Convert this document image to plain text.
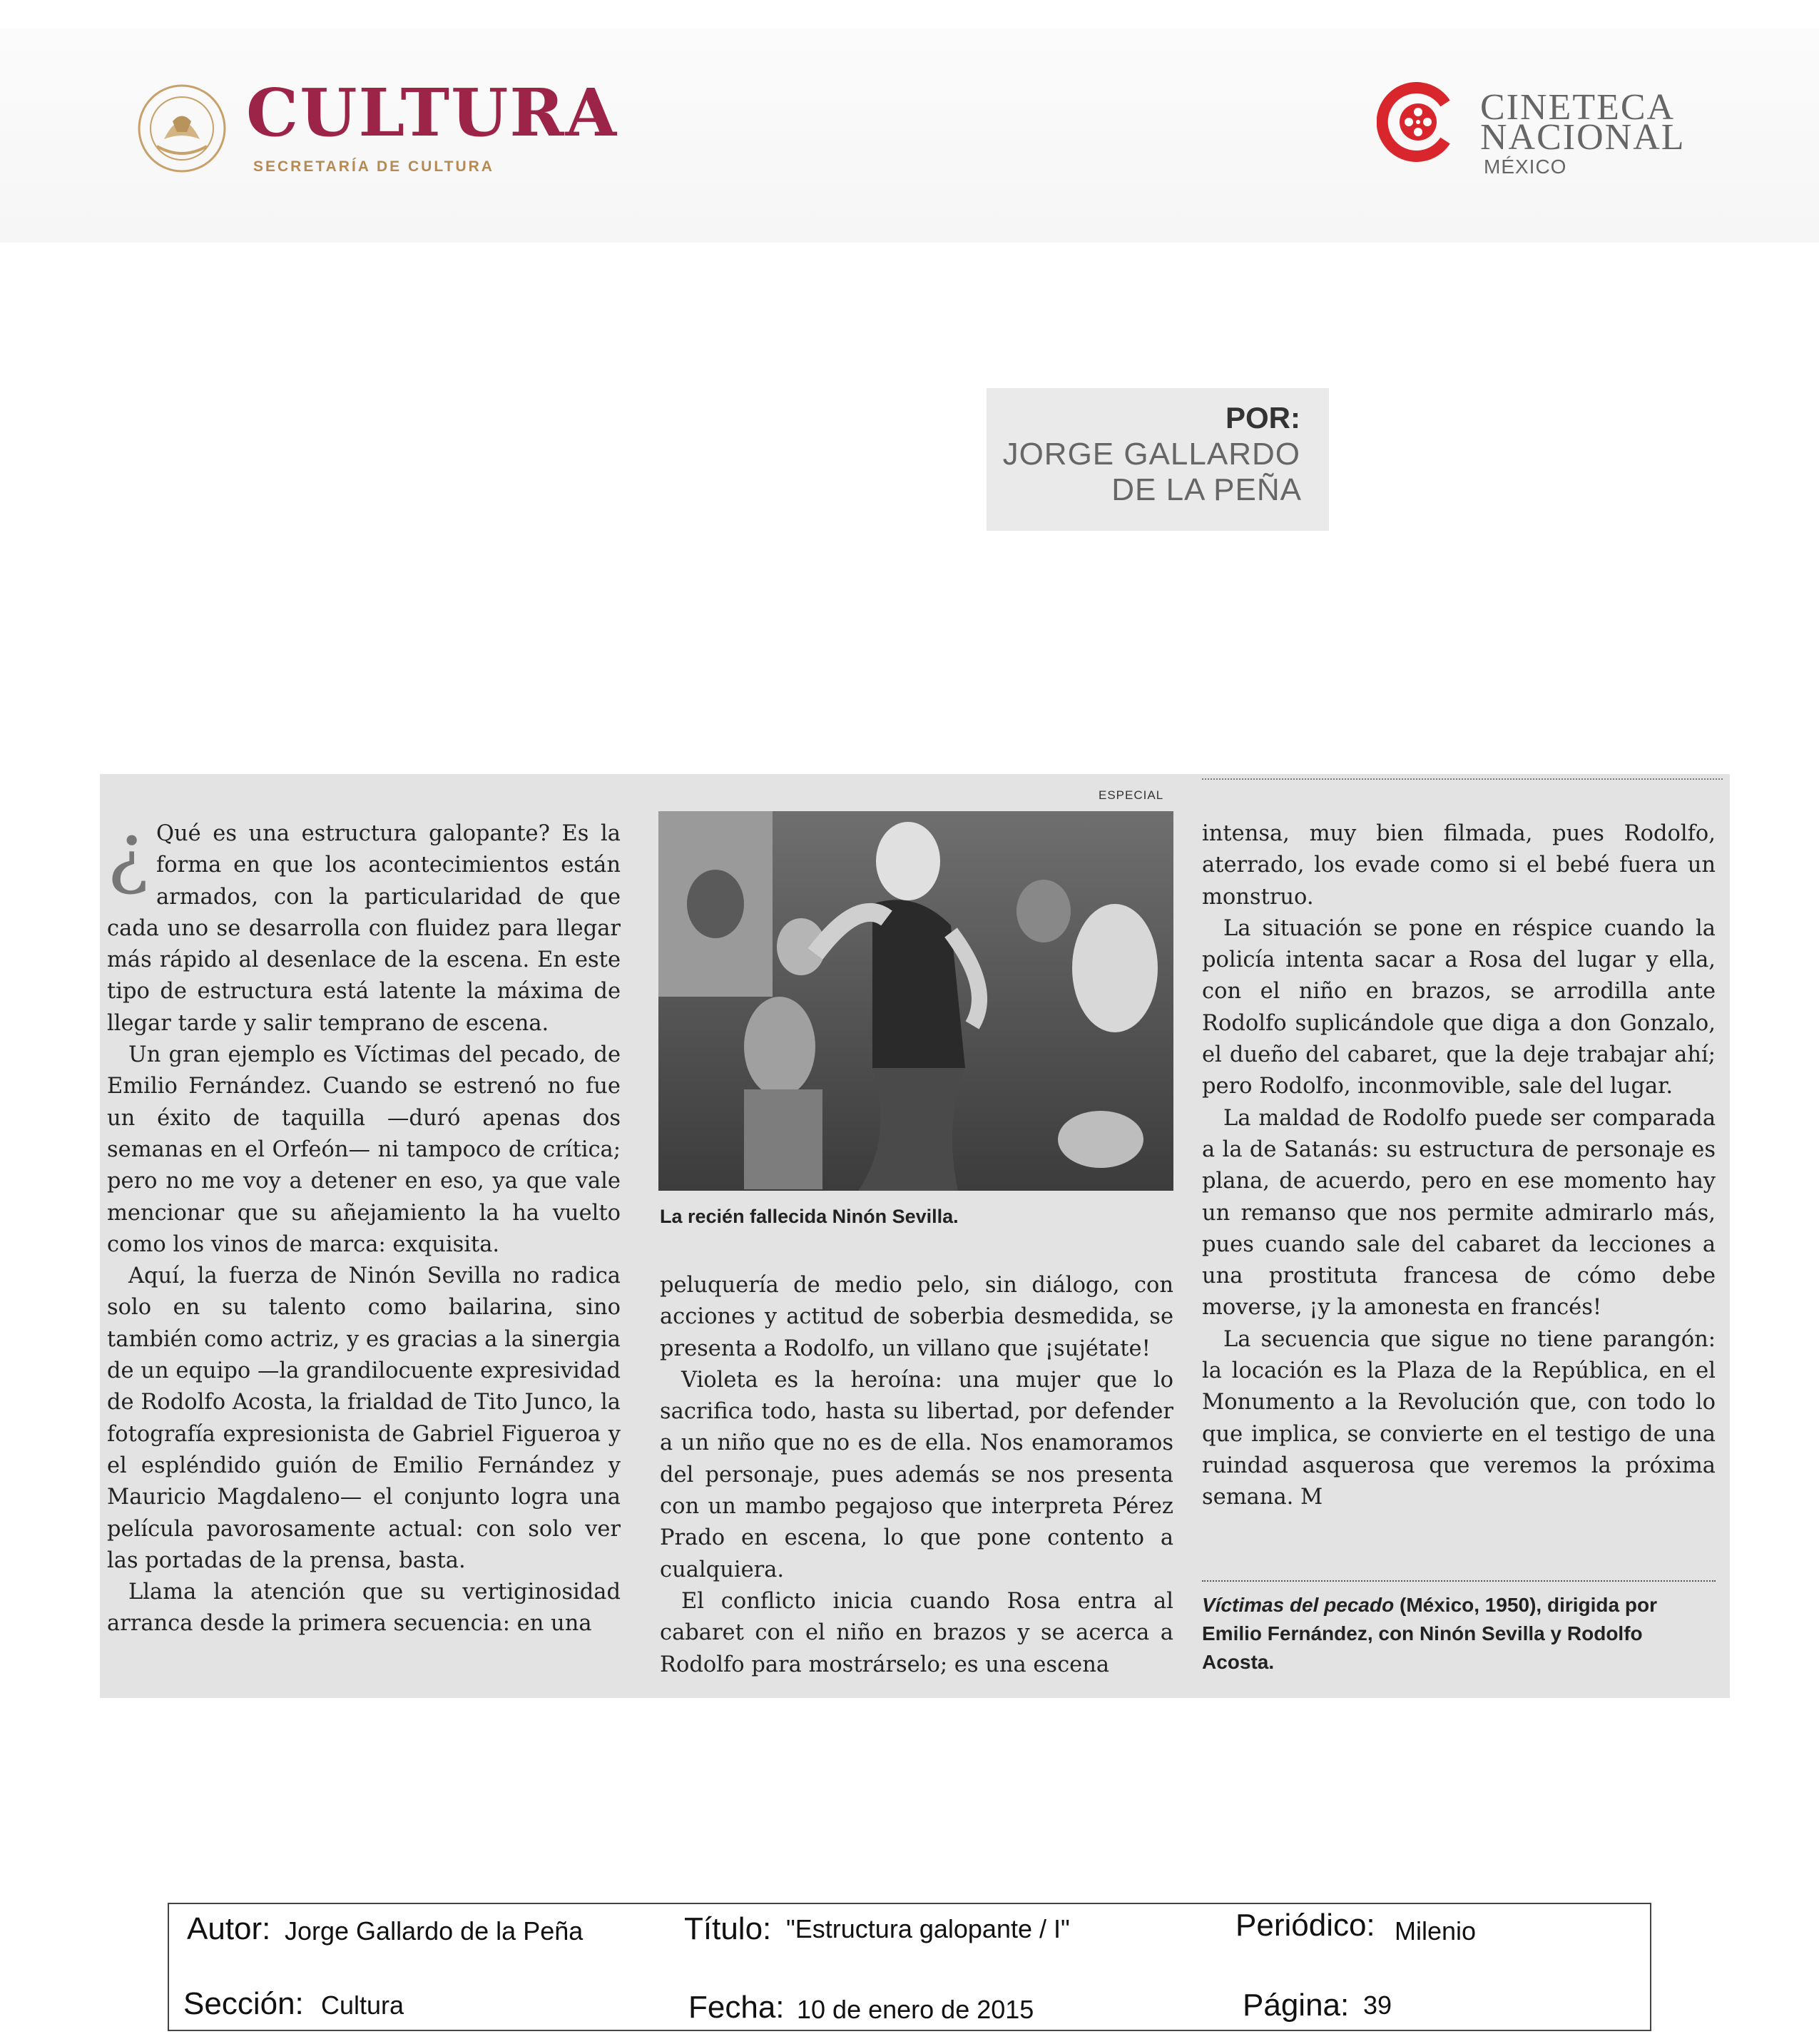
CULTURA
SECRETARÍA DE CULTURA
CINETECA
NACIONAL
MÉXICO
POR:
JORGE GALLARDO
DE LA PEÑA
ESPECIAL
¿ Qué es una estructura galopante? Es la forma en que los acontecimientos están armados, con la particularidad de que cada uno se desarrolla con fluidez para llegar más rápido al desenlace de la escena. En este tipo de estructura está latente la máxima de llegar tarde y salir temprano de escena.

Un gran ejemplo es Víctimas del pecado, de Emilio Fernández. Cuando se estrenó no fue un éxito de taquilla —duró apenas dos semanas en el Orfeón— ni tampoco de crítica; pero no me voy a detener en eso, ya que vale mencionar que su añejamiento la ha vuelto como los vinos de marca: exquisita.

Aquí, la fuerza de Ninón Sevilla no radica solo en su talento como bailarina, sino también como actriz, y es gracias a la sinergia de un equipo —la grandilocuente expresividad de Rodolfo Acosta, la frialdad de Tito Junco, la fotografía expresionista de Gabriel Figueroa y el espléndido guión de Emilio Fernández y Mauricio Magdaleno— el conjunto logra una película pavorosamente actual: con solo ver las portadas de la prensa, basta.

Llama la atención que su vertiginosidad arranca desde la primera secuencia: en una

La recién fallecida Ninón Sevilla.

peluquería de medio pelo, sin diálogo, con acciones y actitud de soberbia desmedida, se presenta a Rodolfo, un villano que ¡sujétate!

Violeta es la heroína: una mujer que lo sacrifica todo, hasta su libertad, por defender a un niño que no es de ella. Nos enamoramos del personaje, pues además se nos presenta con un mambo pegajoso que interpreta Pérez Prado en escena, lo que pone contento a cualquiera.

El conflicto inicia cuando Rosa entra al cabaret con el niño en brazos y se acerca a Rodolfo para mostrárselo; es una escena

intensa, muy bien filmada, pues Rodolfo, aterrado, los evade como si el bebé fuera un monstruo.

La situación se pone en réspice cuando la policía intenta sacar a Rosa del lugar y ella, con el niño en brazos, se arrodilla ante Rodolfo suplicándole que diga a don Gonzalo, el dueño del cabaret, que la deje trabajar ahí; pero Rodolfo, inconmovible, sale del lugar.

La maldad de Rodolfo puede ser comparada a la de Satanás: su estructura de personaje es plana, de acuerdo, pero en ese momento hay un remanso que nos permite admirarlo más, pues cuando sale del cabaret da lecciones a una prostituta francesa de cómo debe moverse, ¡y la amonesta en francés!

La secuencia que sigue no tiene parangón: la locación es la Plaza de la República, en el Monumento a la Revolución que, con todo lo que implica, se convierte en el testigo de una ruindad asquerosa que veremos la próxima semana. M

Víctimas del pecado (México, 1950), dirigida por Emilio Fernández, con Ninón Sevilla y Rodolfo Acosta.
Autor: Jorge Gallardo de la Peña	Título: "Estructura galopante / I"	Periódico: Milenio
Sección: Cultura	Fecha: 10 de enero de 2015	Página: 39
